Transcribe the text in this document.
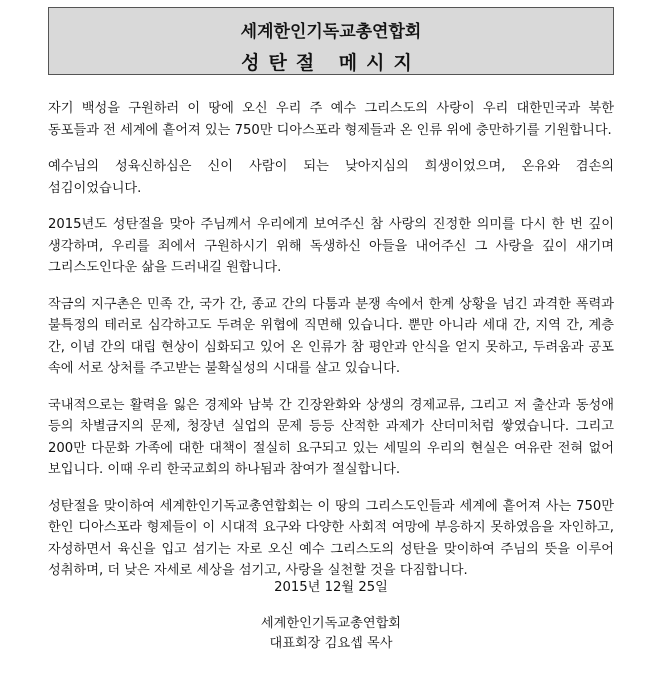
세계한인기독교총연합회
성탄절 메시지

자기 백성을 구원하러 이 땅에 오신 우리 주 예수 그리스도의 사랑이 우리 대한민국과 북한 동포들과 전 세계에 흩어져 있는 750만 디아스포라 형제들과 온 인류 위에 충만하기를 기원합니다.

예수님의 성육신하심은 신이 사람이 되는 낮아지심의 희생이었으며, 온유와 겸손의 섬김이었습니다.

2015년도 성탄절을 맞아 주님께서 우리에게 보여주신 참 사랑의 진정한 의미를 다시 한 번 깊이 생각하며, 우리를 죄에서 구원하시기 위해 독생하신 아들을 내어주신 그 사랑을 깊이 새기며 그리스도인다운 삶을 드러내길 원합니다.

작금의 지구촌은 민족 간, 국가 간, 종교 간의 다툼과 분쟁 속에서 한계 상황을 넘긴 과격한 폭력과 불특정의 테러로 심각하고도 두려운 위협에 직면해 있습니다. 뿐만 아니라 세대 간, 지역 간, 계층 간, 이념 간의 대립 현상이 심화되고 있어 온 인류가 참 평안과 안식을 얻지 못하고, 두려움과 공포 속에 서로 상처를 주고받는 불확실성의 시대를 살고 있습니다.

국내적으로는 활력을 잃은 경제와 남북 간 긴장완화와 상생의 경제교류, 그리고 저 출산과 동성애 등의 차별금지의 문제, 청장년 실업의 문제 등등 산적한 과제가 산더미처럼 쌓였습니다. 그리고 200만 다문화 가족에 대한 대책이 절실히 요구되고 있는 세밀의 우리의 현실은 여유란 전혀 없어 보입니다. 이때 우리 한국교회의 하나됨과 참여가 절실합니다.

성탄절을 맞이하여 세계한인기독교총연합회는 이 땅의 그리스도인들과 세계에 흩어져 사는 750만 한인 디아스포라 형제들이 이 시대적 요구와 다양한 사회적 여망에 부응하지 못하였음을 자인하고, 자성하면서 육신을 입고 섬기는 자로 오신 예수 그리스도의 성탄을 맞이하여 주님의 뜻을 이루어 성취하며, 더 낮은 자세로 세상을 섬기고, 사랑을 실천할 것을 다짐합니다.

2015년 12월 25일
세계한인기독교총연합회
대표회장 김요셉 목사
